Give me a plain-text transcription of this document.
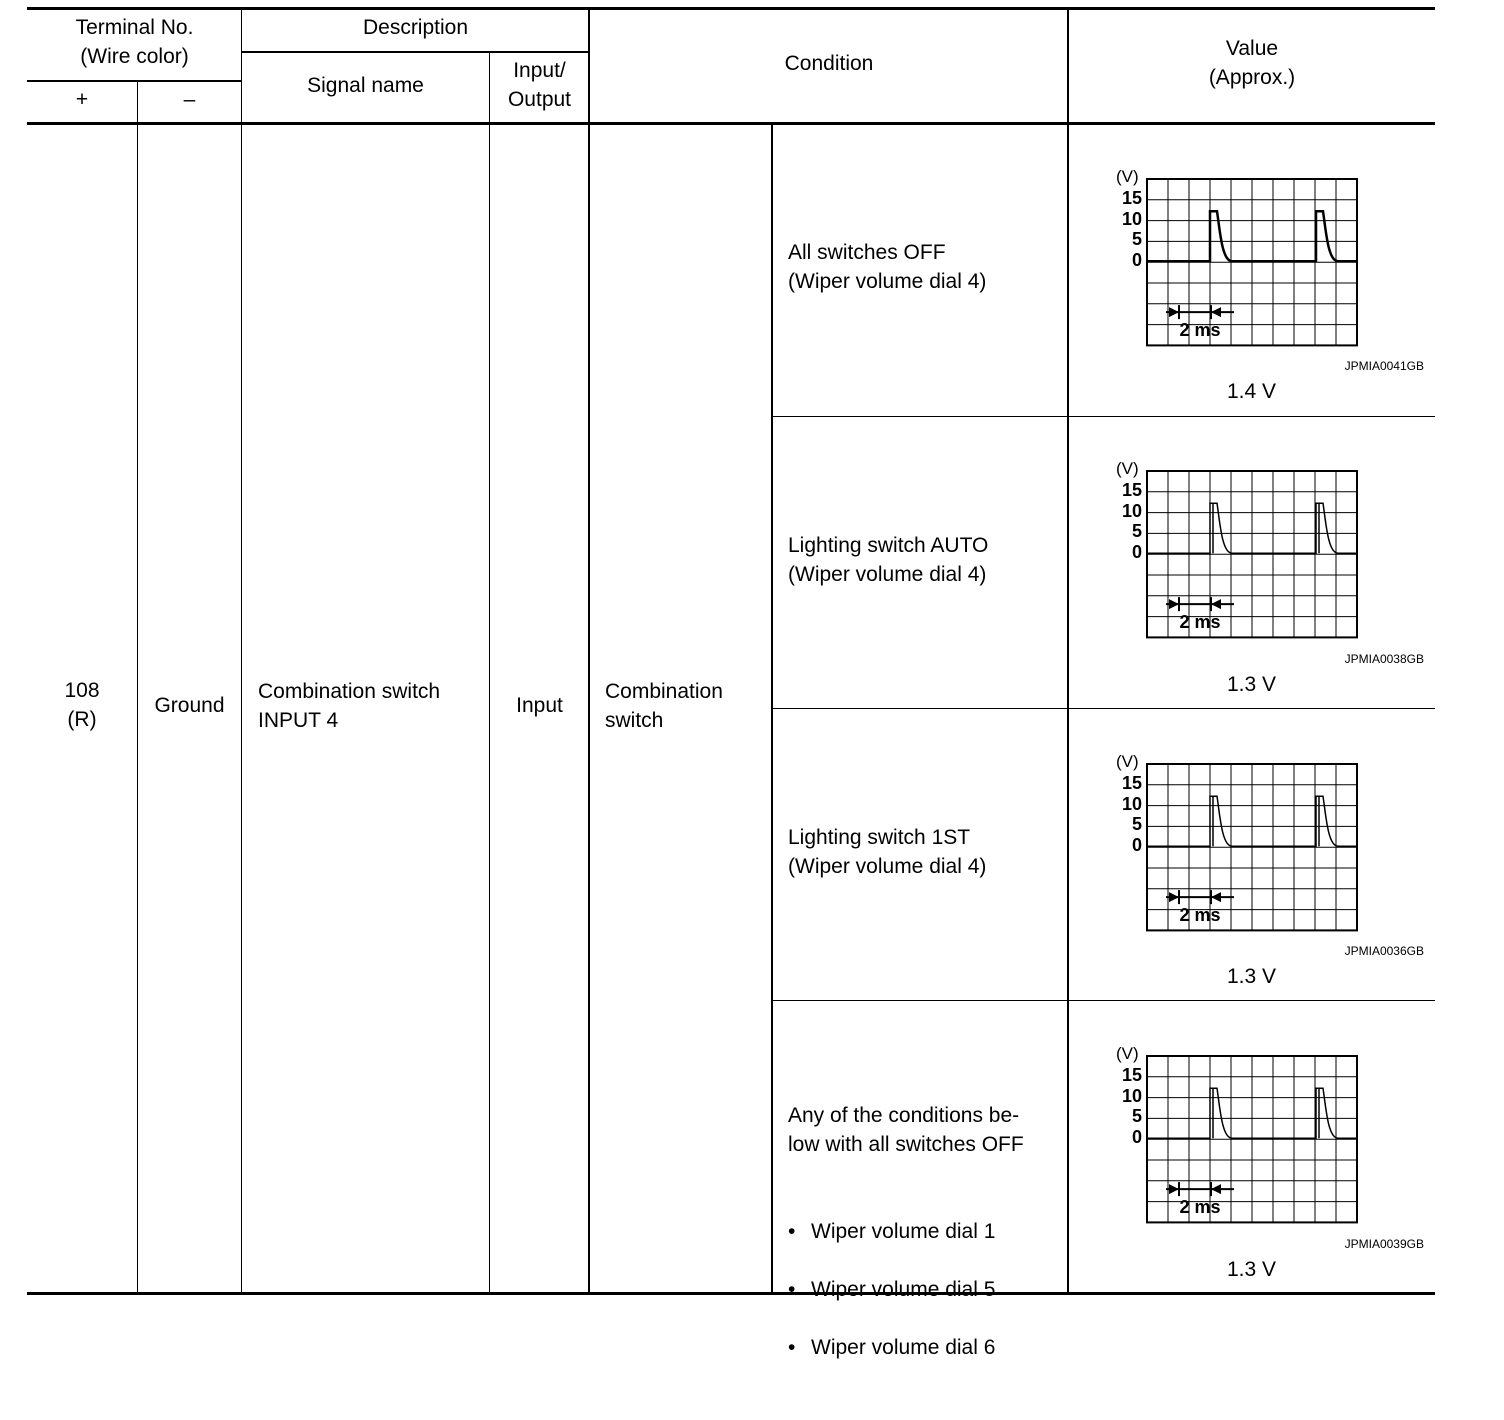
Terminal No.
(Wire color)
+	–
Description
Signal name
Input/
Output
Condition
Value
(Approx.)
108
(R)
Ground
Combination switch
INPUT 4
Input
Combination
switch
All switches OFF
(Wiper volume dial 4)
(V)
15
10
5
0
2 ms
JPMIA0041GB
1.4 V
Lighting switch AUTO
(Wiper volume dial 4)
(V)
15
10
5
0
2 ms
JPMIA0038GB
1.3 V
Lighting switch 1ST
(Wiper volume dial 4)
(V)
15
10
5
0
2 ms
JPMIA0036GB
1.3 V

Any of the conditions be-
low with all switches OFF

• Wiper volume dial 1

• Wiper volume dial 5

• Wiper volume dial 6

(V)
15
10
5
0
2 ms
JPMIA0039GB
1.3 V
